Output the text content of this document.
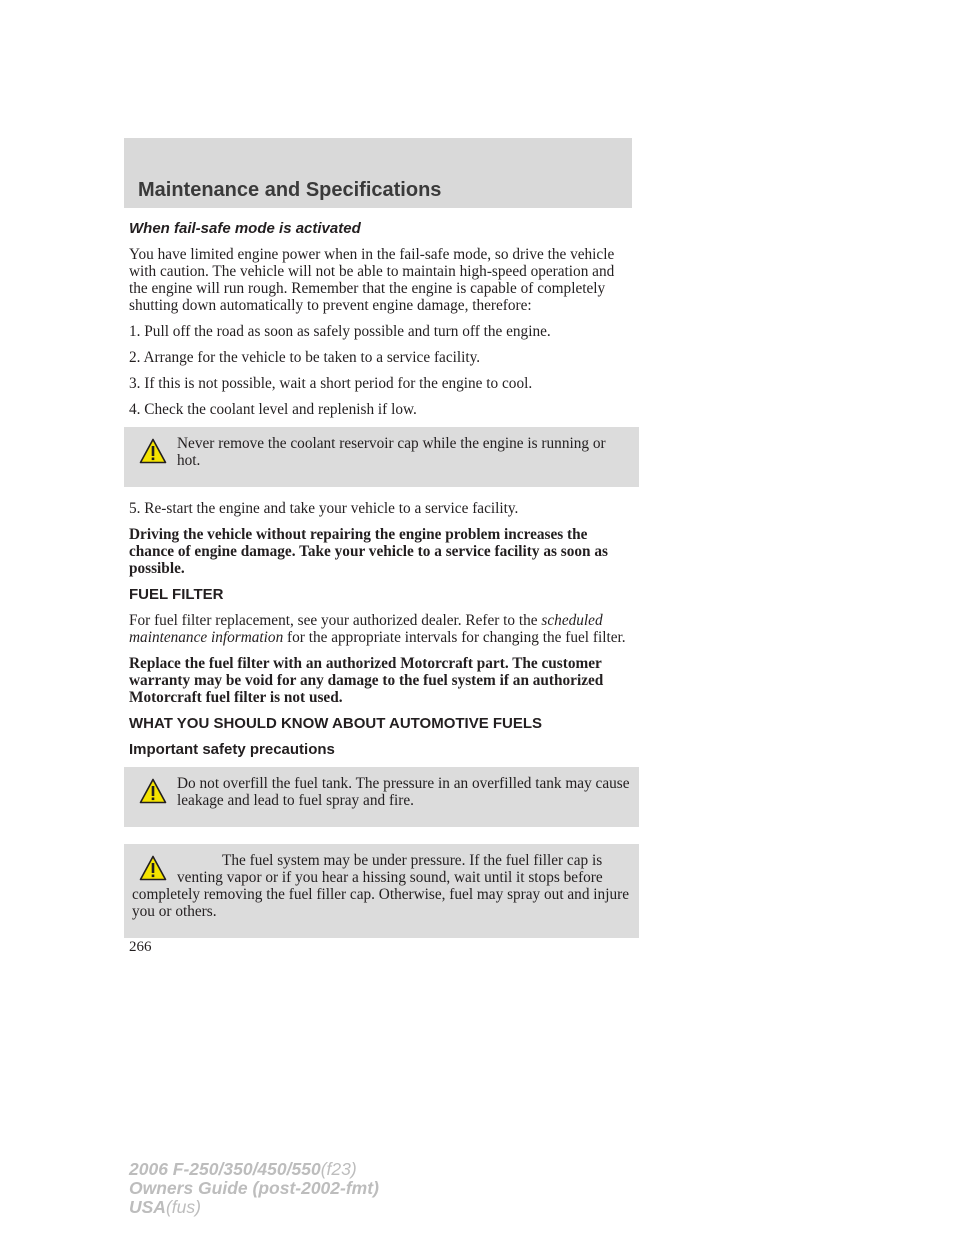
Maintenance and Specifications

When fail-safe mode is activated

You have limited engine power when in the fail-safe mode, so drive the vehicle with caution. The vehicle will not be able to maintain high-speed operation and the engine will run rough. Remember that the engine is capable of completely shutting down automatically to prevent engine damage, therefore:

1. Pull off the road as soon as safely possible and turn off the engine.

2. Arrange for the vehicle to be taken to a service facility.

3. If this is not possible, wait a short period for the engine to cool.

4. Check the coolant level and replenish if low.

Never remove the coolant reservoir cap while the engine is running or hot.

5. Re-start the engine and take your vehicle to a service facility.

Driving the vehicle without repairing the engine problem increases the chance of engine damage. Take your vehicle to a service facility as soon as possible.

FUEL FILTER

For fuel filter replacement, see your authorized dealer. Refer to the scheduled maintenance information for the appropriate intervals for changing the fuel filter.

Replace the fuel filter with an authorized Motorcraft part. The customer warranty may be void for any damage to the fuel system if an authorized Motorcraft fuel filter is not used.

WHAT YOU SHOULD KNOW ABOUT AUTOMOTIVE FUELS

Important safety precautions

Do not overfill the fuel tank. The pressure in an overfilled tank may cause leakage and lead to fuel spray and fire.

The fuel system may be under pressure. If the fuel filler cap is venting vapor or if you hear a hissing sound, wait until it stops before completely removing the fuel filler cap. Otherwise, fuel may spray out and injure you or others.

266

2006 F-250/350/450/550(f23)
Owners Guide (post-2002-fmt)
USA(fus)
